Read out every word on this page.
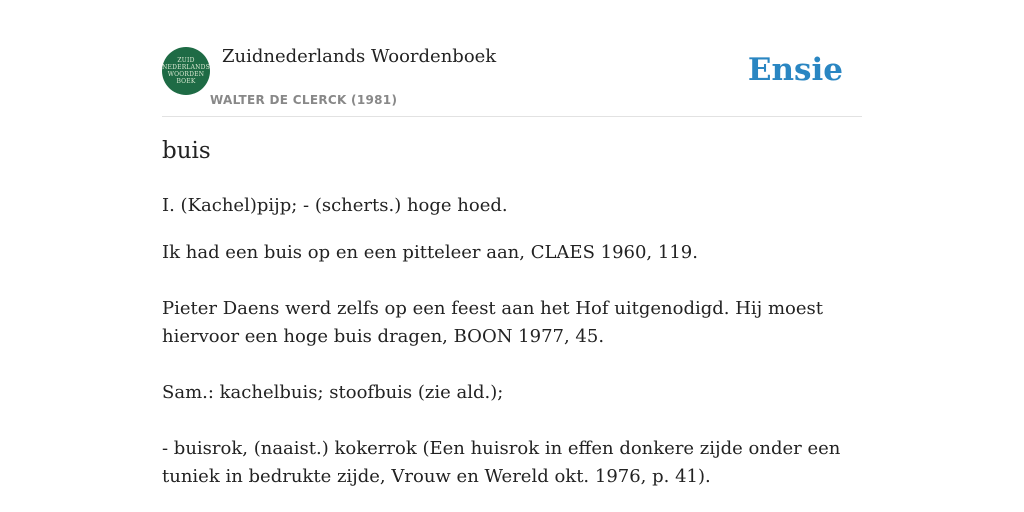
ZUID
NEDERLANDS
WOORDEN
BOEK
Zuidnederlands Woordenboek
WALTER DE CLERCK (1981)
Ensie
buis
I. (Kachel)pijp; - (scherts.) hoge hoed.
Ik had een buis op en een pitteleer aan, CLAES 1960, 119.
Pieter Daens werd zelfs op een feest aan het Hof uitgenodigd. Hij moest hiervoor een hoge buis dragen, BOON 1977, 45.
Sam.: kachelbuis; stoofbuis (zie ald.);
- buisrok, (naaist.) kokerrok (Een huisrok in effen donkere zijde onder een tuniek in bedrukte zijde, Vrouw en Wereld okt. 1976, p. 41).
